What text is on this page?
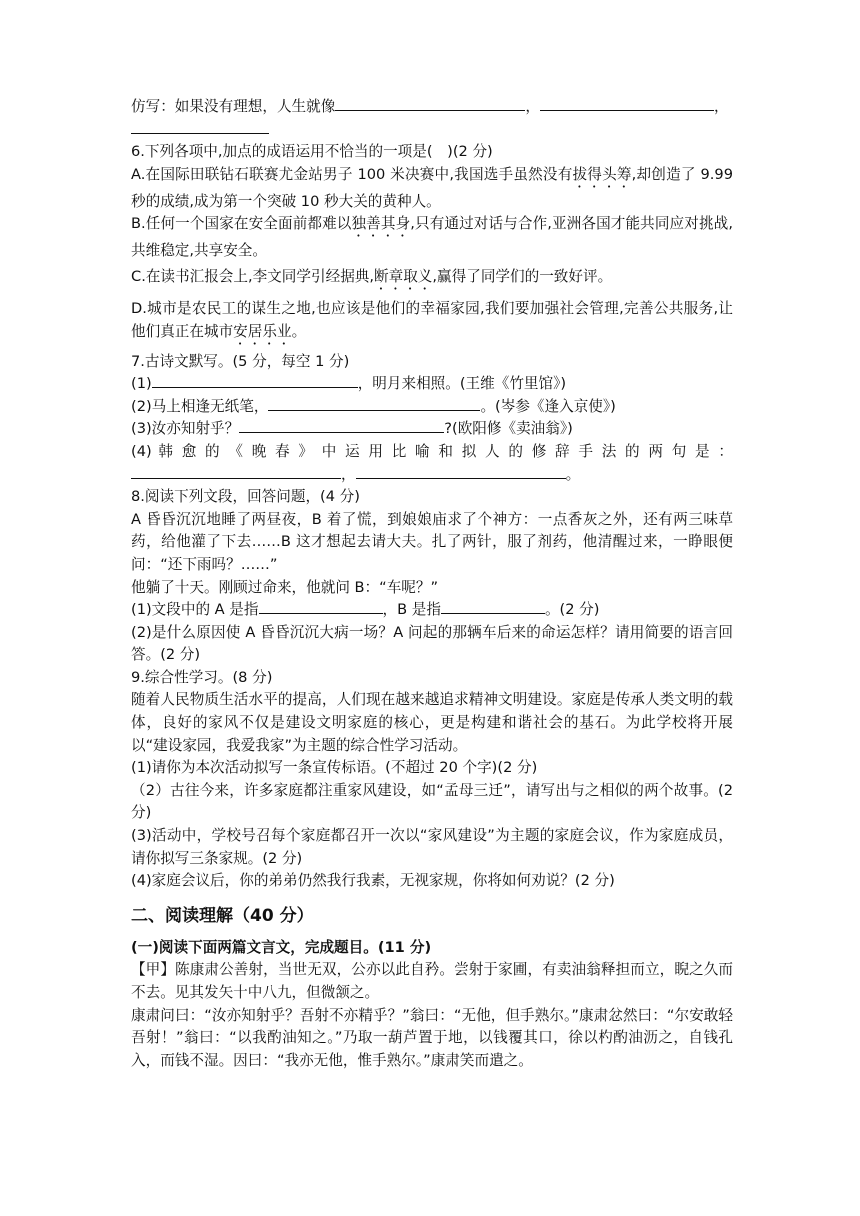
仿写：如果没有理想，人生就像	，	，

6.下列各项中,加点的成语运用不恰当的一项是(　)(2 分)

A.在国际田联钻石联赛尤金站男子 100 米决赛中,我国选手虽然没有拔得头筹,却创造了 9.99 秒的成绩,成为第一个突破 10 秒大关的黄种人。

B.任何一个国家在安全面前都难以独善其身,只有通过对话与合作,亚洲各国才能共同应对挑战,共维稳定,共享安全。

C.在读书汇报会上,李文同学引经据典,断章取义,赢得了同学们的一致好评。

D.城市是农民工的谋生之地,也应该是他们的幸福家园,我们要加强社会管理,完善公共服务,让他们真正在城市安居乐业。

7.古诗文默写。(5 分，每空 1 分)

(1)	，明月来相照。(王维《竹里馆》)

(2)马上相逢无纸笔，	。(岑参《逢入京使》)

(3)汝亦知射乎？	?(欧阳修《卖油翁》)

(4) 韩 愈 的 《 晚 春 》 中 运 用 比 喻 和 拟 人 的 修 辞 手 法 的 两 句 是 ：

，	。

8.阅读下列文段，回答问题，(4 分)

A 昏昏沉沉地睡了两昼夜，B 着了慌，到娘娘庙求了个神方：一点香灰之外，还有两三味草药，给他灌了下去……B 这才想起去请大夫。扎了两针，服了剂药，他清醒过来，一睁眼便问：“还下雨吗？……”

他躺了十天。刚顾过命来，他就问 B：“车呢？”

(1)文段中的 A 是指	，B 是指	。(2 分)

(2)是什么原因使 A 昏昏沉沉大病一场？A 问起的那辆车后来的命运怎样？请用简要的语言回答。(2 分)

9.综合性学习。(8 分)

随着人民物质生活水平的提高，人们现在越来越追求精神文明建设。家庭是传承人类文明的载体，良好的家风不仅是建设文明家庭的核心，更是构建和谐社会的基石。为此学校将开展以“建设家园，我爱我家”为主题的综合性学习活动。

(1)请你为本次活动拟写一条宣传标语。(不超过 20 个字)(2 分)

（2）古往今来，许多家庭都注重家风建设，如“孟母三迁”，请写出与之相似的两个故事。(2 分)

(3)活动中，学校号召每个家庭都召开一次以“家风建设”为主题的家庭会议，作为家庭成员，请你拟写三条家规。(2 分)

(4)家庭会议后，你的弟弟仍然我行我素，无视家规，你将如何劝说？(2 分)

二、阅读理解（40 分）

(一)阅读下面两篇文言文，完成题目。(11 分)

【甲】陈康肃公善射，当世无双，公亦以此自矜。尝射于家圃，有卖油翁释担而立，睨之久而不去。见其发矢十中八九，但微颔之。

康肃问曰：“汝亦知射乎？吾射不亦精乎？”翁曰：“无他，但手熟尔。”康肃忿然曰：“尔安敢轻吾射！”翁曰：“以我酌油知之。”乃取一葫芦置于地，以钱覆其口，徐以杓酌油沥之，自钱孔入，而钱不湿。因曰：“我亦无他，惟手熟尔。”康肃笑而遣之。
